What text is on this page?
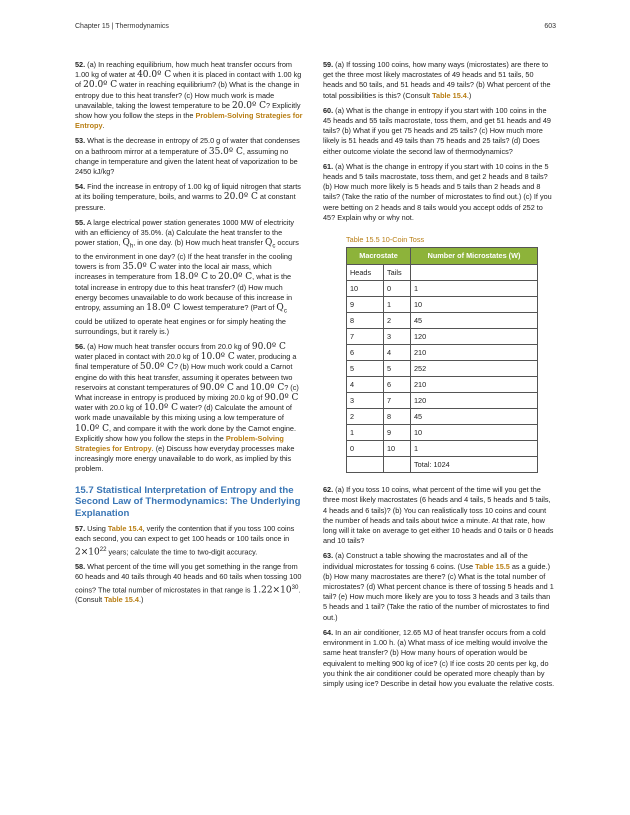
Chapter 15 | Thermodynamics	603

52. (a) In reaching equilibrium, how much heat transfer occurs from 1.00 kg of water at 40.0º C when it is placed in contact with 1.00 kg of 20.0º C water in reaching equilibrium? (b) What is the change in entropy due to this heat transfer? (c) How much work is made unavailable, taking the lowest temperature to be 20.0º C? Explicitly show how you follow the steps in the Problem-Solving Strategies for Entropy.

53. What is the decrease in entropy of 25.0 g of water that condenses on a bathroom mirror at a temperature of 35.0º C, assuming no change in temperature and given the latent heat of vaporization to be 2450 kJ/kg?

54. Find the increase in entropy of 1.00 kg of liquid nitrogen that starts at its boiling temperature, boils, and warms to 20.0º C at constant pressure.

55. A large electrical power station generates 1000 MW of electricity with an efficiency of 35.0%. (a) Calculate the heat transfer to the power station, $Q_h$, in one day. (b) How much heat transfer $Q_c$ occurs to the environment in one day? (c) If the heat transfer in the cooling towers is from 35.0º C water into the local air mass, which increases in temperature from 18.0º C to 20.0º C, what is the total increase in entropy due to this heat transfer? (d) How much energy becomes unavailable to do work because of this increase in entropy, assuming an 18.0º C lowest temperature? (Part of $Q_c$ could be utilized to operate heat engines or for simply heating the surroundings, but it rarely is.)

56. (a) How much heat transfer occurs from 20.0 kg of 90.0º C water placed in contact with 20.0 kg of 10.0º C water, producing a final temperature of 50.0º C? (b) How much work could a Carnot engine do with this heat transfer, assuming it operates between two reservoirs at constant temperatures of 90.0º C and 10.0º C? (c) What increase in entropy is produced by mixing 20.0 kg of 90.0º C water with 20.0 kg of 10.0º C water? (d) Calculate the amount of work made unavailable by this mixing using a low temperature of 10.0º C, and compare it with the work done by the Carnot engine. Explicitly show how you follow the steps in the Problem-Solving Strategies for Entropy. (e) Discuss how everyday processes make increasingly more energy unavailable to do work, as implied by this problem.

15.7 Statistical Interpretation of Entropy and the Second Law of Thermodynamics: The Underlying Explanation

57. Using Table 15.4, verify the contention that if you toss 100 coins each second, you can expect to get 100 heads or 100 tails once in $2\times 10^{22}$ years; calculate the time to two-digit accuracy.

58. What percent of the time will you get something in the range from 60 heads and 40 tails through 40 heads and 60 tails when tossing 100 coins? The total number of microstates in that range is $1.22\times 10^{30}$. (Consult Table 15.4.)

59. (a) If tossing 100 coins, how many ways (microstates) are there to get the three most likely macrostates of 49 heads and 51 tails, 50 heads and 50 tails, and 51 heads and 49 tails? (b) What percent of the total possibilities is this? (Consult Table 15.4.)

60. (a) What is the change in entropy if you start with 100 coins in the 45 heads and 55 tails macrostate, toss them, and get 51 heads and 49 tails? (b) What if you get 75 heads and 25 tails? (c) How much more likely is 51 heads and 49 tails than 75 heads and 25 tails? (d) Does either outcome violate the second law of thermodynamics?

61. (a) What is the change in entropy if you start with 10 coins in the 5 heads and 5 tails macrostate, toss them, and get 2 heads and 8 tails? (b) How much more likely is 5 heads and 5 tails than 2 heads and 8 tails? (Take the ratio of the number of microstates to find out.) (c) If you were betting on 2 heads and 8 tails would you accept odds of 252 to 45? Explain why or why not.

Table 15.5 10-Coin Toss
Macrostate		Number of Microstates (W)
Heads	Tails	
10	0	1
9	1	10
8	2	45
7	3	120
6	4	210
5	5	252
4	6	210
3	7	120
2	8	45
1	9	10
0	10	1
		Total: 1024

62. (a) If you toss 10 coins, what percent of the time will you get the three most likely macrostates (6 heads and 4 tails, 5 heads and 5 tails, 4 heads and 6 tails)? (b) You can realistically toss 10 coins and count the number of heads and tails about twice a minute. At that rate, how long will it take on average to get either 10 heads and 0 tails or 0 heads and 10 tails?

63. (a) Construct a table showing the macrostates and all of the individual microstates for tossing 6 coins. (Use Table 15.5 as a guide.) (b) How many macrostates are there? (c) What is the total number of microstates? (d) What percent chance is there of tossing 5 heads and 1 tail? (e) How much more likely are you to toss 3 heads and 3 tails than 5 heads and 1 tail? (Take the ratio of the number of microstates to find out.)

64. In an air conditioner, 12.65 MJ of heat transfer occurs from a cold environment in 1.00 h. (a) What mass of ice melting would involve the same heat transfer? (b) How many hours of operation would be equivalent to melting 900 kg of ice? (c) If ice costs 20 cents per kg, do you think the air conditioner could be operated more cheaply than by simply using ice? Describe in detail how you evaluate the relative costs.
